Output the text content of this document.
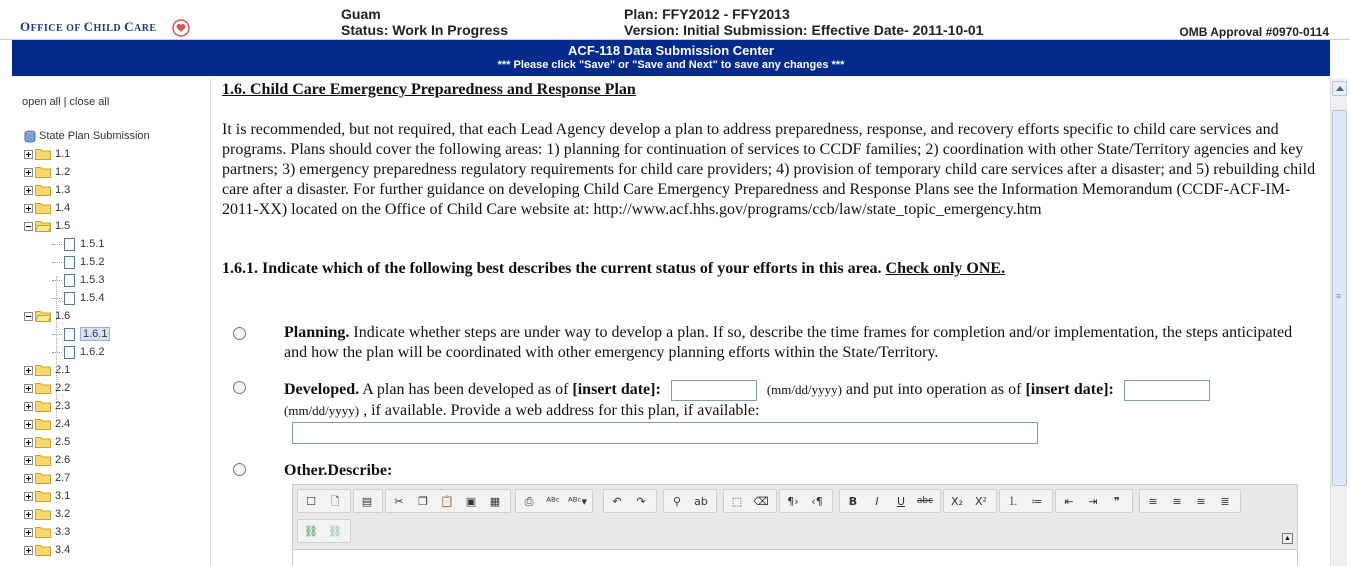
OFFICE OF CHILD CARE
Guam
Status: Work In Progress
Plan: FFY2012 - FFY2013
Version: Initial Submission: Effective Date- 2011-10-01	OMB Approval #0970-0114
ACF-118 Data Submission Center
*** Please click "Save" or "Save and Next" to save any changes ***
open all | close all
State Plan Submission
1.1
1.2
1.3
1.4
1.5
1.5.1
1.5.2
1.5.3
1.5.4
1.6
1.6.1
1.6.2
2.1
2.2
2.3
2.4
2.5
2.6
2.7
3.1
3.2
3.3
3.4
1.6. Child Care Emergency Preparedness and Response Plan
It is recommended, but not required, that each Lead Agency develop a plan to address preparedness, response, and recovery efforts specific to child care services and programs. Plans should cover the following areas: 1) planning for continuation of services to CCDF families; 2) coordination with other State/Territory agencies and key partners; 3) emergency preparedness regulatory requirements for child care providers; 4) provision of temporary child care services after a disaster; and 5) rebuilding child care after a disaster. For further guidance on developing Child Care Emergency Preparedness and Response Plans see the Information Memorandum (CCDF-ACF-IM-2011-XX) located on the Office of Child Care website at: http://www.acf.hhs.gov/programs/ccb/law/state_topic_emergency.htm
1.6.1. Indicate which of the following best describes the current status of your efforts in this area. Check only ONE.
Planning. Indicate whether steps are under way to develop a plan. If so, describe the time frames for completion and/or implementation, the steps anticipated and how the plan will be coordinated with other emergency planning efforts within the State/Territory.
Developed. A plan has been developed as of [insert date]:	(mm/dd/yyyy) and put into operation as of [insert date]:
(mm/dd/yyyy) , if available. Provide a web address for this plan, if available:
Other.Describe:
☐	🗋	▤	✂	❐	📋	▣	▦	⎙	ᴬᴮᶜ ᴬᴮᶜ▾	↶	↷	⚲	ab	⬚	⌫ ¶› ‹¶	B	I	U	abc X₂ X²	⒈	≔	⇤	⇥	❞	≡	≡	≡	≣
⛓ ⛓	▲
≡
